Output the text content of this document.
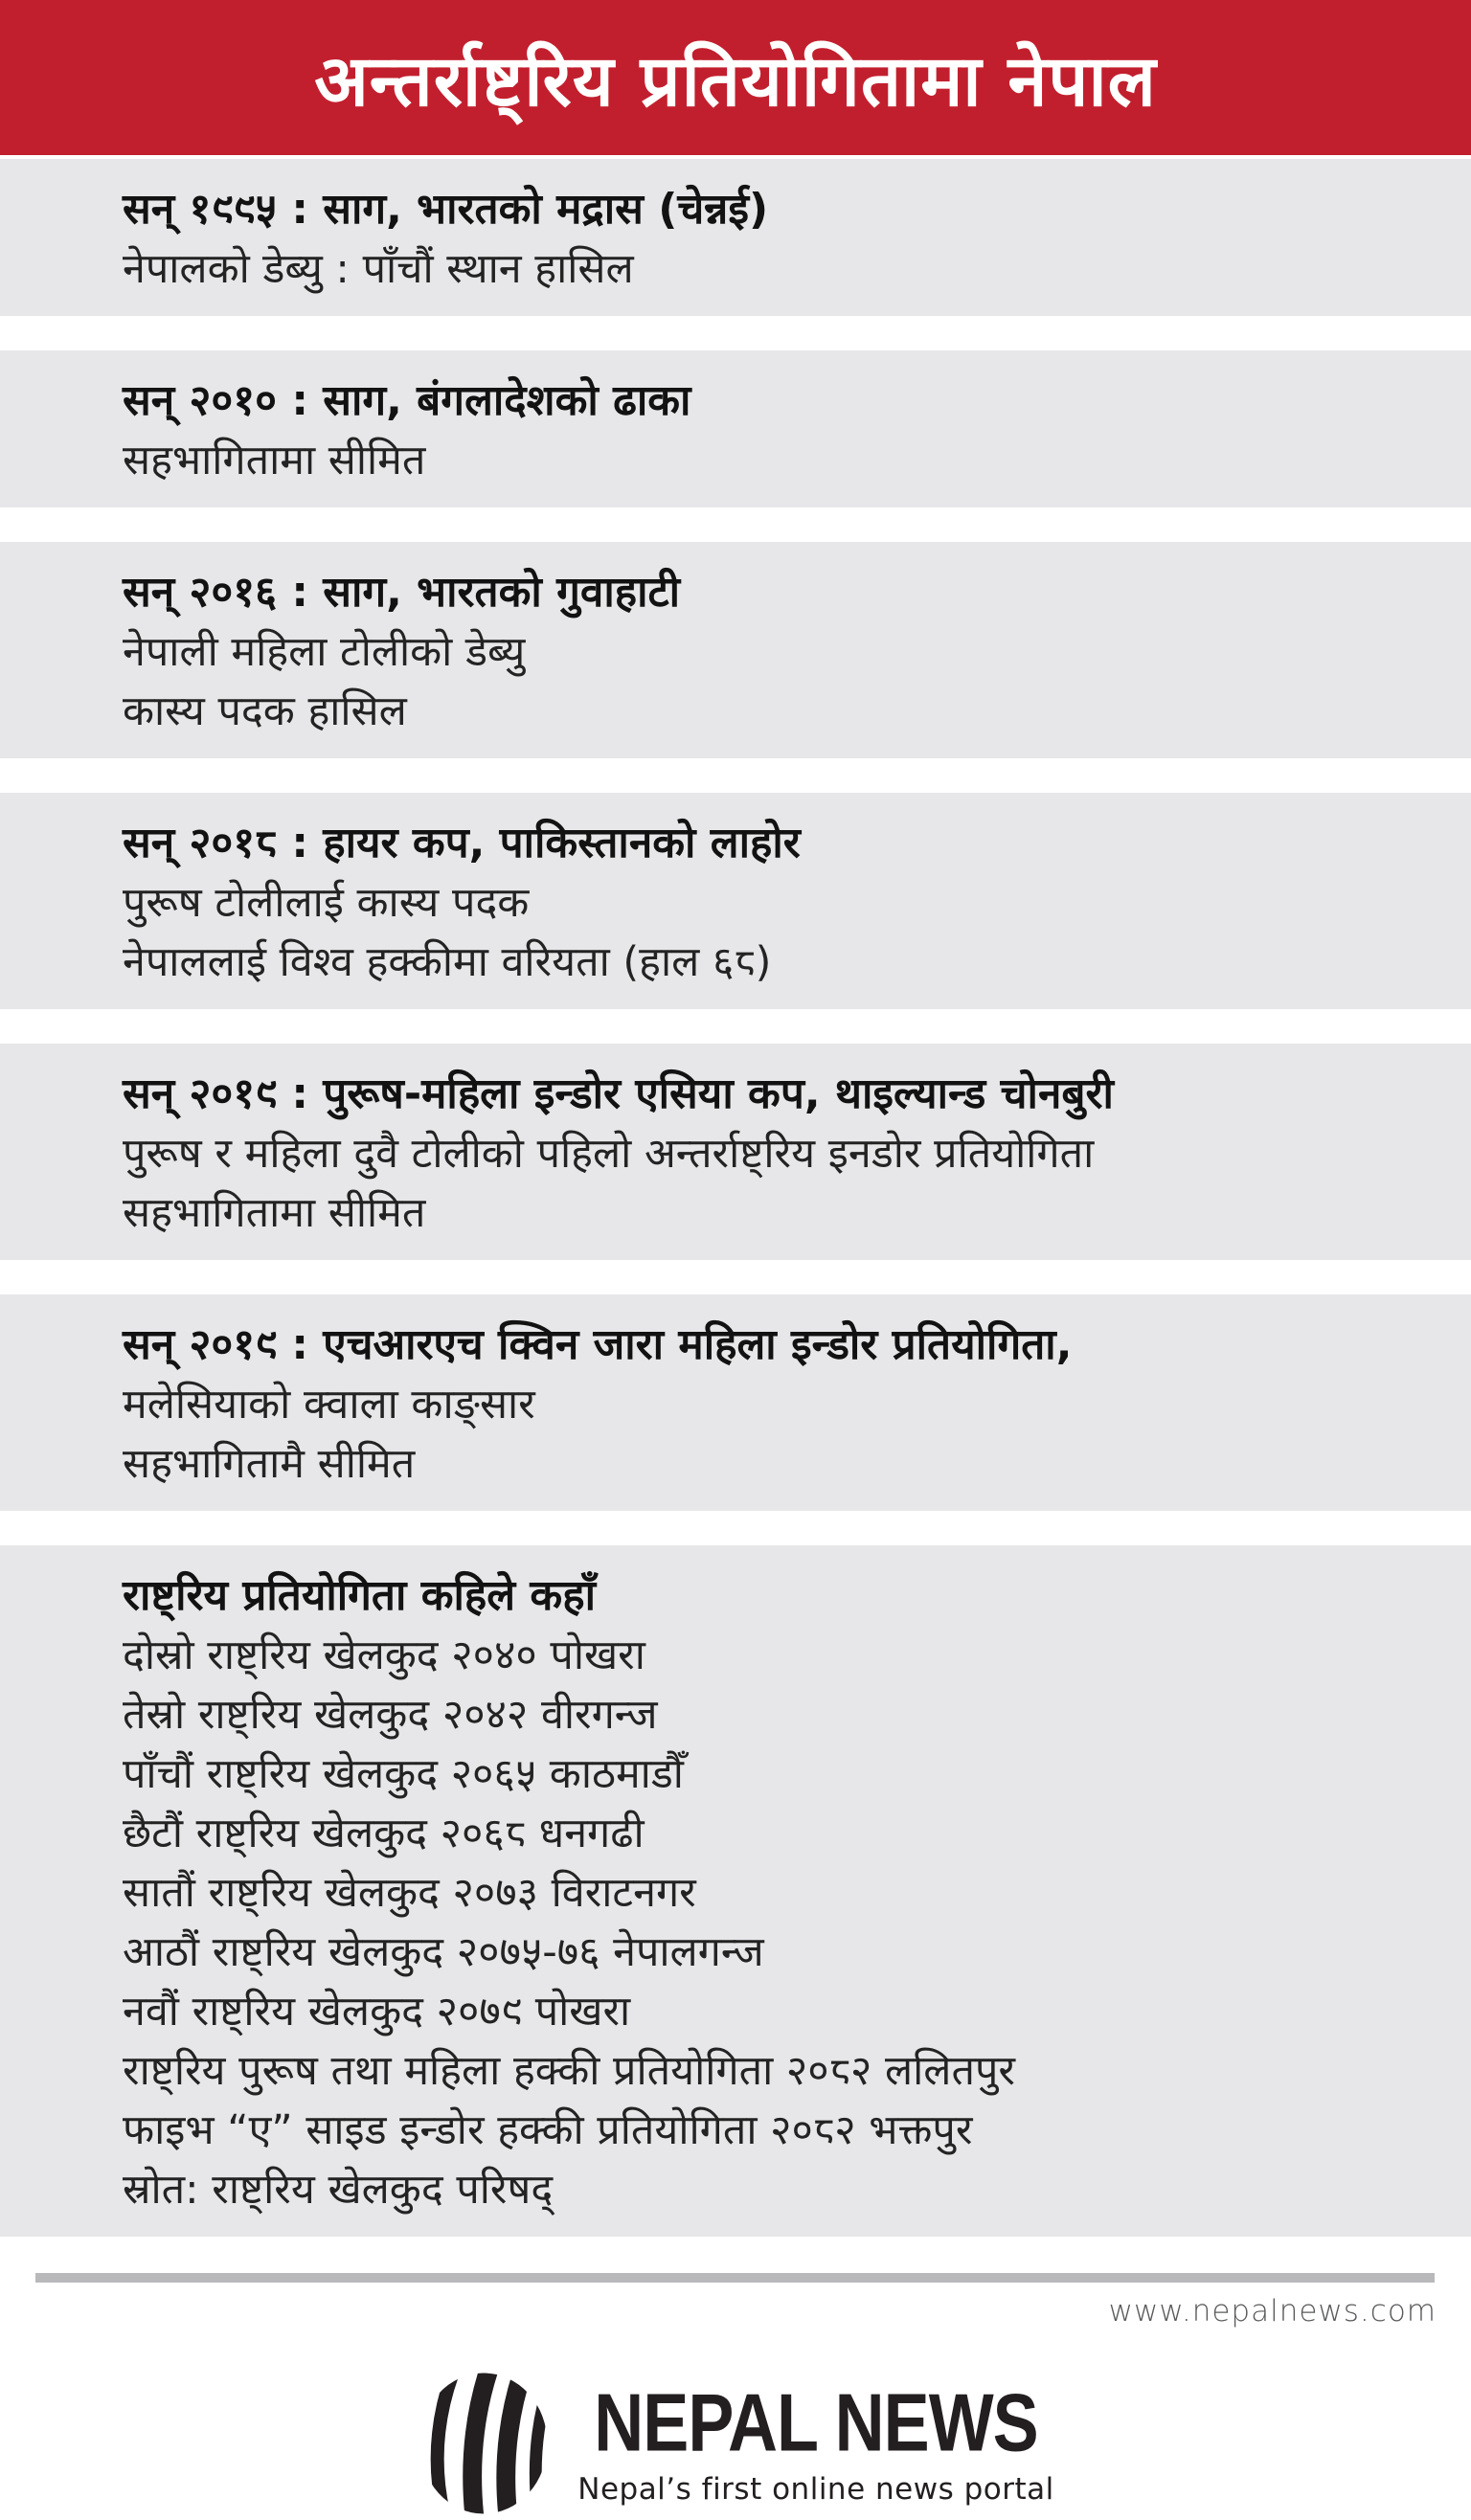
अन्तर्राष्ट्रिय प्रतियोगितामा नेपाल
सन् १९९५ : साग, भारतको मद्रास (चेन्नई)

नेपालको डेब्यु : पाँचौं स्थान हासिल

सन् २०१० : साग, बंगलादेशको ढाका

सहभागितामा सीमित

सन् २०१६ : साग, भारतको गुवाहाटी

नेपाली महिला टोलीको डेब्यु

कास्य पदक हासिल

सन् २०१८ : हायर कप, पाकिस्तानको लाहोर

पुरूष टोलीलाई कास्य पदक

नेपाललाई विश्व हक्कीमा वरियता (हाल ६८)

सन् २०१९ : पुरूष-महिला इन्डोर एसिया कप, थाइल्यान्ड चोनबुरी

पुरूष र महिला दुवै टोलीको पहिलो अन्तर्राष्ट्रिय इनडोर प्रतियोगिता

सहभागितामा सीमित

सन् २०१९ : एचआरएच क्विन जारा महिला इन्डोर प्रतियोगिता,

मलेसियाको क्वाला काङ्सार

सहभागितामै सीमित

राष्ट्रिय प्रतियोगिता कहिले कहाँ

दोस्रो राष्ट्रिय खेलकुद २०४० पोखरा

तेस्रो राष्ट्रिय खेलकुद २०४२ वीरगन्ज

पाँचौं राष्ट्रिय खेलकुद २०६५ काठमाडौँ

छैटौं राष्ट्रिय खेलकुद २०६८ धनगढी

सातौं राष्ट्रिय खेलकुद २०७३ विराटनगर

आठौं राष्ट्रिय खेलकुद २०७५-७६ नेपालगन्ज

नवौं राष्ट्रिय खेलकुद २०७९ पोखरा

राष्ट्रिय पुरूष तथा महिला हक्की प्रतियोगिता २०८२ ललितपुर

फाइभ “ए” साइड इन्डोर हक्की प्रतियोगिता २०८२ भक्तपुर

स्रोत: राष्ट्रिय खेलकुद परिषद्

www.nepalnews.com
NEPAL NEWS
Nepal’s first online news portal
